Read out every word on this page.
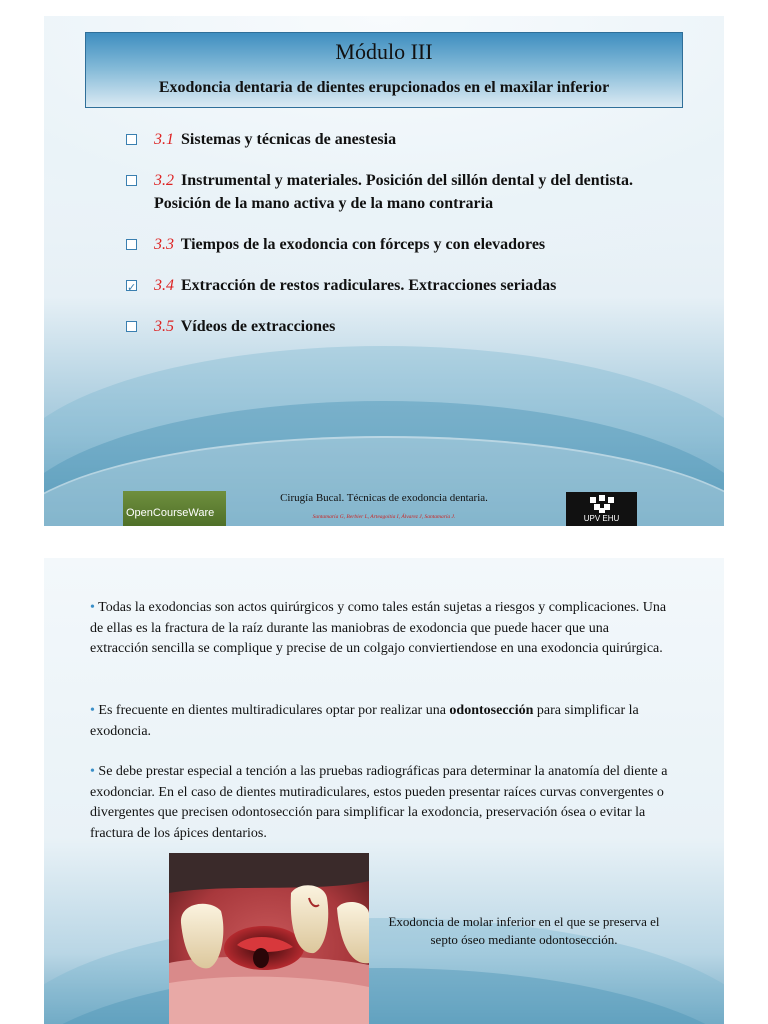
Módulo III
Exodoncia dentaria de dientes erupcionados en el maxilar inferior
3.1 Sistemas y técnicas de anestesia
3.2 Instrumental y materiales. Posición del sillón dental y del dentista. Posición de la mano activa y de la mano contraria
3.3 Tiempos de la exodoncia con fórceps y con elevadores
✓
3.4 Extracción de restos radiculares. Extracciones seriadas
3.5 Vídeos de extracciones
OpenCourseWare
Cirugía Bucal. Técnicas de exodoncia dentaria.
Santamaría G, Berbier L, Arteagoitia I, Álvarez J, Santamaría J.	UPV EHU

• Todas la exodoncias son actos quirúrgicos y como tales están sujetas a riesgos y complicaciones. Una de ellas es la fractura de la raíz durante las maniobras de exodoncia que puede hacer que una extracción sencilla se complique y precise de un colgajo conviertiendose en una exodoncia quirúrgica.

• Es frecuente en dientes multiradiculares optar por realizar una odontosección para simplificar la exodoncia.

• Se debe prestar especial a tención a las pruebas radiográficas para determinar la anatomía del diente a exodonciar. En el caso de dientes mutiradiculares, estos pueden presentar raíces curvas convergentes o divergentes que precisen odontosección para simplificar la exodoncia, preservación ósea o evitar la fractura de los ápices dentarios.

Exodoncia de molar inferior en el que se preserva el septo óseo mediante odontosección.
